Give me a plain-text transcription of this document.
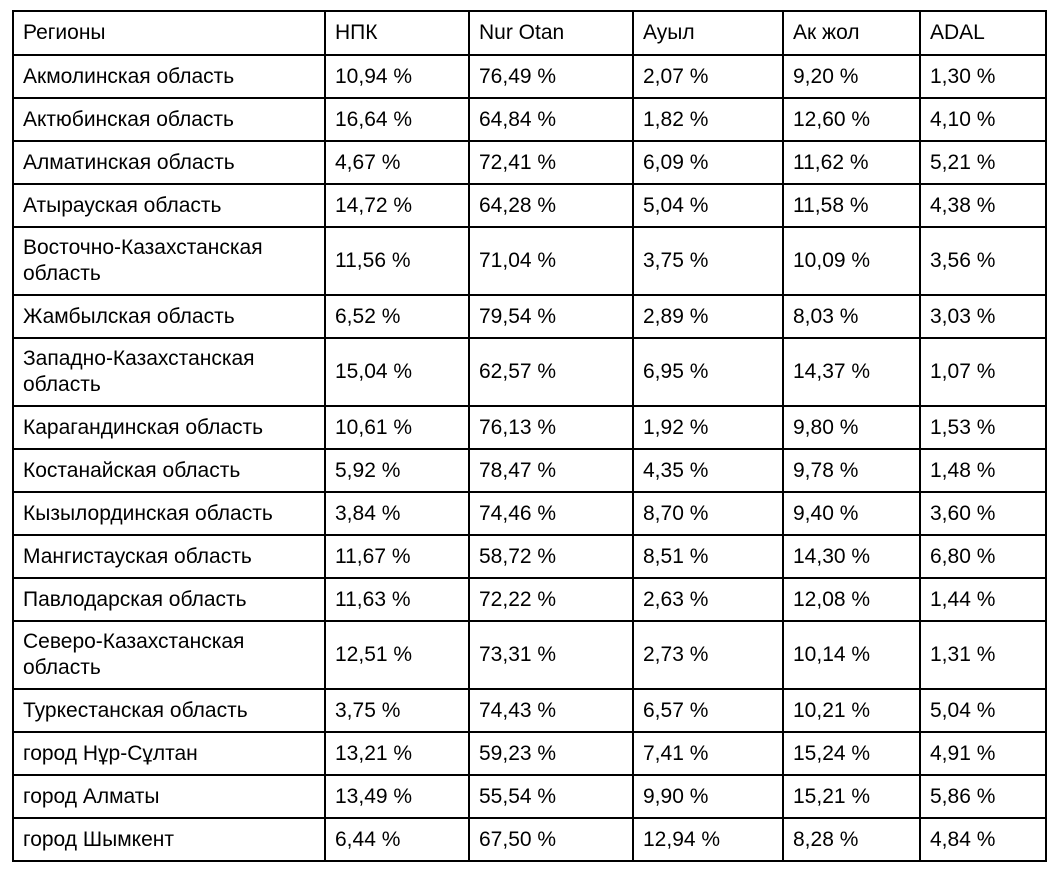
Регионы	НПК	Nur Otan	Ауыл	Ак жол	ADAL
Акмолинская область	10,94 %	76,49 %	2,07 %	9,20 %	1,30 %
Актюбинская область	16,64 %	64,84 %	1,82 %	12,60 %	4,10 %
Алматинская область	4,67 %	72,41 %	6,09 %	11,62 %	5,21 %
Атырауская область	14,72 %	64,28 %	5,04 %	11,58 %	4,38 %
Восточно-Казахстанская область	11,56 %	71,04 %	3,75 %	10,09 %	3,56 %
Жамбылская область	6,52 %	79,54 %	2,89 %	8,03 %	3,03 %
Западно-Казахстанская область	15,04 %	62,57 %	6,95 %	14,37 %	1,07 %
Карагандинская область	10,61 %	76,13 %	1,92 %	9,80 %	1,53 %
Костанайская область	5,92 %	78,47 %	4,35 %	9,78 %	1,48 %
Кызылординская область	3,84 %	74,46 %	8,70 %	9,40 %	3,60 %
Мангистауская область	11,67 %	58,72 %	8,51 %	14,30 %	6,80 %
Павлодарская область	11,63 %	72,22 %	2,63 %	12,08 %	1,44 %
Северо-Казахстанская область	12,51 %	73,31 %	2,73 %	10,14 %	1,31 %
Туркестанская область	3,75 %	74,43 %	6,57 %	10,21 %	5,04 %
город Нұр-Сұлтан	13,21 %	59,23 %	7,41 %	15,24 %	4,91 %
город Алматы	13,49 %	55,54 %	9,90 %	15,21 %	5,86 %
город Шымкент	6,44 %	67,50 %	12,94 %	8,28 %	4,84 %
